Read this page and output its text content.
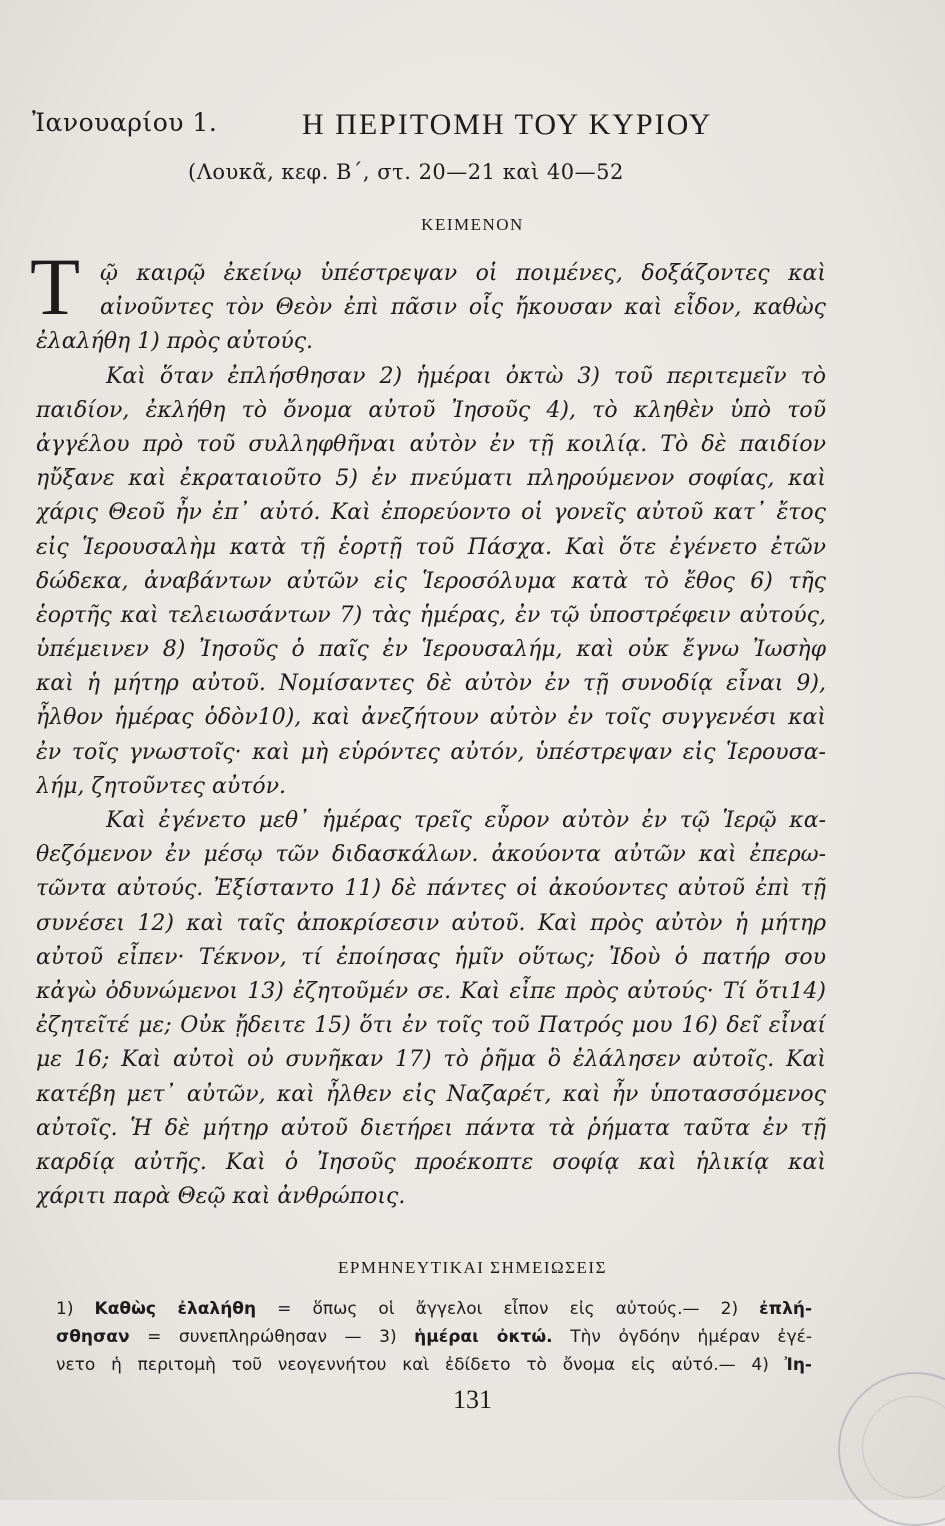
Ἰανουαρίου 1.	Η ΠΕΡΙΤΟΜΗ ΤΟΥ ΚΥΡΙΟΥ
(Λουκᾶ, κεφ. Β΄, στ. 20—21 καὶ 40—52
ΚΕΙΜΕΝΟΝ
Τ ῷ καιρῷ ἐκείνῳ ὑπέστρεψαν οἱ ποιμένες, δοξάζοντες καὶ
αἰνοῦντες τὸν Θεὸν ἐπὶ πᾶσιν οἷς ἤκουσαν καὶ εἶδον, καθὼς
ἐλαλήθη 1) πρὸς αὐτούς.
Καὶ ὅταν ἐπλήσθησαν 2) ἡμέραι ὀκτὼ 3) τοῦ περιτεμεῖν τὸ
παιδίον, ἐκλήθη τὸ ὄνομα αὐτοῦ Ἰησοῦς 4), τὸ κληθὲν ὑπὸ τοῦ
ἀγγέλου πρὸ τοῦ συλληφθῆναι αὐτὸν ἐν τῇ κοιλίᾳ. Τὸ δὲ παιδίον
ηὔξανε καὶ ἐκραταιοῦτο 5) ἐν πνεύματι πληρούμενον σοφίας, καὶ
χάρις Θεοῦ ἦν ἐπ᾿ αὐτό. Καὶ ἐπορεύοντο οἱ γονεῖς αὐτοῦ κατ᾿ ἔτος
εἰς Ἱερουσαλὴμ κατὰ τῇ ἑορτῇ τοῦ Πάσχα. Καὶ ὅτε ἐγένετο ἐτῶν
δώδεκα, ἀναβάντων αὐτῶν εἰς Ἱεροσόλυμα κατὰ τὸ ἔθος 6) τῆς
ἑορτῆς καὶ τελειωσάντων 7) τὰς ἡμέρας, ἐν τῷ ὑποστρέφειν αὐτούς,
ὑπέμεινεν 8) Ἰησοῦς ὁ παῖς ἐν Ἱερουσαλήμ, καὶ οὐκ ἔγνω Ἰωσὴφ
καὶ ἡ μήτηρ αὐτοῦ. Νομίσαντες δὲ αὐτὸν ἐν τῇ συνοδίᾳ εἶναι 9),
ἦλθον ἡμέρας ὁδὸν10), καὶ ἀνεζήτουν αὐτὸν ἐν τοῖς συγγενέσι καὶ
ἐν τοῖς γνωστοῖς· καὶ μὴ εὑρόντες αὐτόν, ὑπέστρεψαν εἰς Ἱερουσα-
λήμ, ζητοῦντες αὐτόν.
Καὶ ἐγένετο μεθ᾿ ἡμέρας τρεῖς εὗρον αὐτὸν ἐν τῷ Ἱερῷ κα-
θεζόμενον ἐν μέσῳ τῶν διδασκάλων. ἀκούοντα αὐτῶν καὶ ἐπερω-
τῶντα αὐτούς. Ἐξίσταντο 11) δὲ πάντες οἱ ἀκούοντες αὐτοῦ ἐπὶ τῇ
συνέσει 12) καὶ ταῖς ἀποκρίσεσιν αὐτοῦ. Καὶ πρὸς αὐτὸν ἡ μήτηρ
αὐτοῦ εἶπεν· Τέκνον, τί ἐποίησας ἡμῖν οὕτως; Ἰδοὺ ὁ πατήρ σου
κἀγὼ ὀδυνώμενοι 13) ἐζητοῦμέν σε. Καὶ εἶπε πρὸς αὐτούς· Τί ὅτι14)
ἐζητεῖτέ με; Οὐκ ᾔδειτε 15) ὅτι ἐν τοῖς τοῦ Πατρός μου 16) δεῖ εἶναί
με 16; Καὶ αὐτοὶ οὐ συνῆκαν 17) τὸ ῥῆμα ὃ ἐλάλησεν αὐτοῖς. Καὶ
κατέβη μετ᾿ αὐτῶν, καὶ ἦλθεν εἰς Ναζαρέτ, καὶ ἦν ὑποτασσόμενος
αὐτοῖς. Ἡ δὲ μήτηρ αὐτοῦ διετήρει πάντα τὰ ῥήματα ταῦτα ἐν τῇ
καρδίᾳ αὐτῆς. Καὶ ὁ Ἰησοῦς προέκοπτε σοφίᾳ καὶ ἡλικίᾳ καὶ
χάριτι παρὰ Θεῷ καὶ ἀνθρώποις.
ΕΡΜΗΝΕΥΤΙΚΑΙ ΣΗΜΕΙΩΣΕΙΣ
1) Καθὼς ἐλαλήθη = ὅπως οἱ ἄγγελοι εἶπον εἰς αὐτούς.— 2) ἐπλή-
σθησαν = συνεπληρώθησαν — 3) ἡμέραι ὀκτώ. Τὴν ὀγδόην ἡμέραν ἐγέ-
νετο ἡ περιτομὴ τοῦ νεογεννήτου καὶ ἐδίδετο τὸ ὄνομα εἰς αὐτό.— 4) Ἰη-
131
